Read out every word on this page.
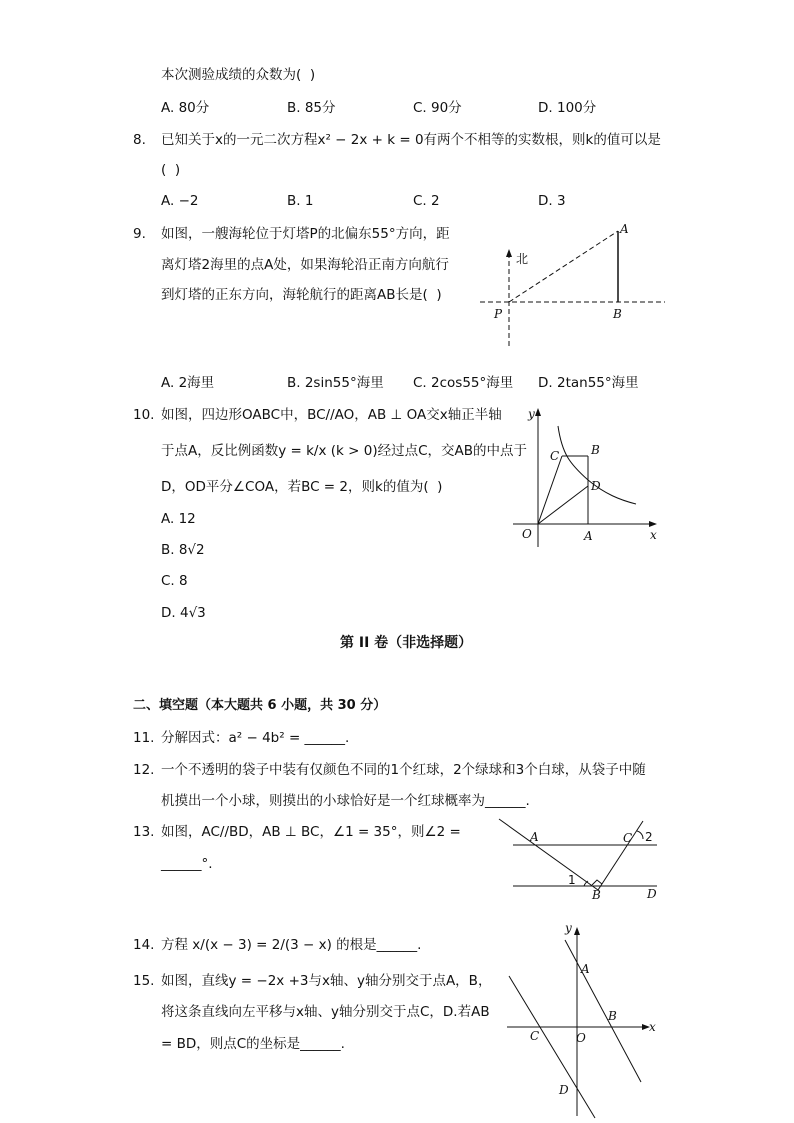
本次测验成绩的众数为(  )
A. 80分	B. 85分	C. 90分	D. 100分
8. 已知关于x的一元二次方程x² − 2x + k = 0有两个不相等的实数根，则k的值可以是
(  )
A. −2	B. 1	C. 2	D. 3
9. 如图，一艘海轮位于灯塔P的北偏东55°方向，距
离灯塔2海里的点A处，如果海轮沿正南方向航行
到灯塔的正东方向，海轮航行的距离AB长是(  )
北
A
P	B
A. 2海里	B. 2sin55°海里 C. 2cos55°海里 D. 2tan55°海里
10. 如图，四边形OABC中，BC//AO，AB ⊥ OA交x轴正半轴
于点A，反比例函数y = k/x (k > 0)经过点C，交AB的中点于
D，OD平分∠COA，若BC = 2，则k的值为(  )
A. 12
B. 8√2
C. 8
D. 4√3
y
x
O	A
B
C
D
第 II 卷（非选择题）
二、填空题（本大题共 6 小题，共 30 分）
11. 分解因式：a² − 4b² = ______.
12. 一个不透明的袋子中装有仅颜色不同的1个红球，2个绿球和3个白球，从袋子中随
机摸出一个小球，则摸出的小球恰好是一个红球概率为______.
13. 如图，AC//BD，AB ⊥ BC，∠1 = 35°，则∠2 =
______°.
A	C 2
1
B	D
14. 方程 x/(x − 3) = 2/(3 − x) 的根是______.
15. 如图，直线y = −2x +3与x轴、y轴分别交于点A，B，
将这条直线向左平移与x轴、y轴分别交于点C，D.若AB
= BD，则点C的坐标是______.
y
x
A
B
C	O
D
